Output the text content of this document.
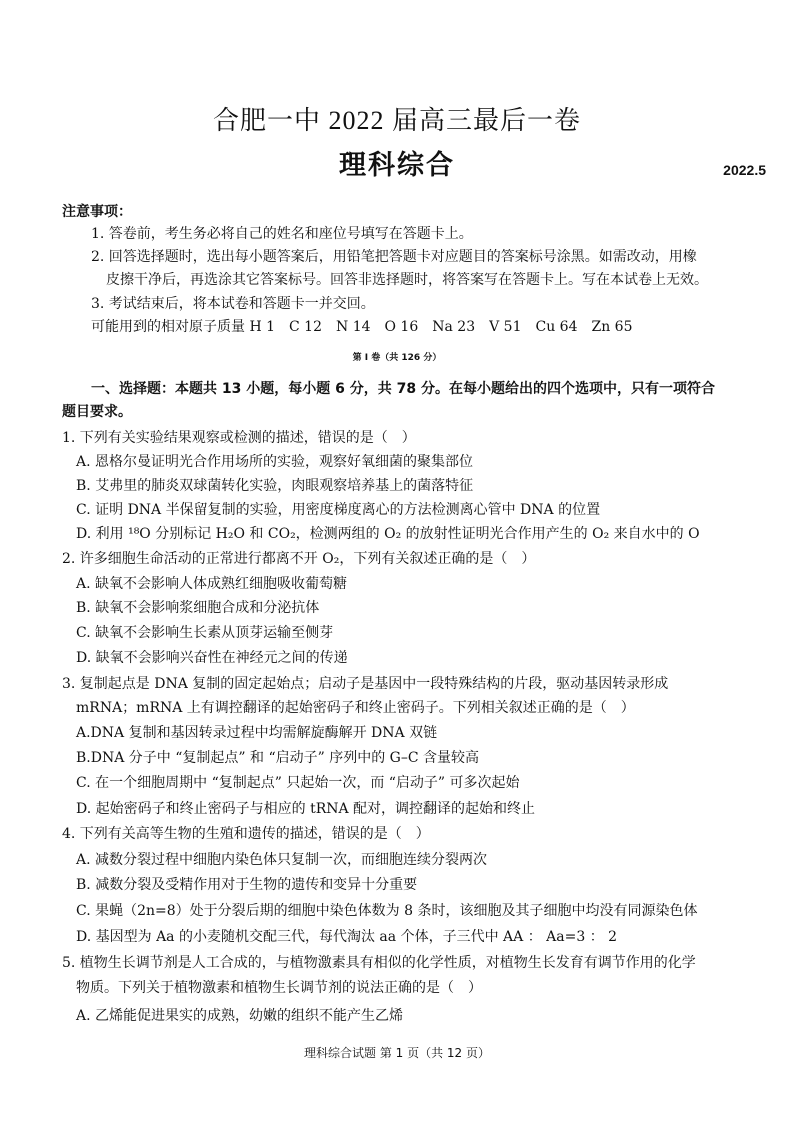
合肥一中 2022 届高三最后一卷
理科综合	2022.5
注意事项：
1. 答卷前，考生务必将自己的姓名和座位号填写在答题卡上。
2. 回答选择题时，选出每小题答案后，用铅笔把答题卡对应题目的答案标号涂黑。如需改动，用橡
皮擦干净后，再选涂其它答案标号。回答非选择题时，将答案写在答题卡上。写在本试卷上无效。
3. 考试结束后，将本试卷和答题卡一并交回。
可能用到的相对原子质量 H 1　C 12　N 14　O 16　Na 23　V 51　Cu 64　Zn 65
第 I 卷（共 126 分）
一、选择题：本题共 13 小题，每小题 6 分，共 78 分。在每小题给出的四个选项中，只有一项符合
题目要求。
1. 下列有关实验结果观察或检测的描述，错误的是（　）
A. 恩格尔曼证明光合作用场所的实验，观察好氧细菌的聚集部位
B. 艾弗里的肺炎双球菌转化实验，肉眼观察培养基上的菌落特征
C. 证明 DNA 半保留复制的实验，用密度梯度离心的方法检测离心管中 DNA 的位置
D. 利用 ¹⁸O 分别标记 H₂O 和 CO₂，检测两组的 O₂ 的放射性证明光合作用产生的 O₂ 来自水中的 O
2. 许多细胞生命活动的正常进行都离不开 O₂，下列有关叙述正确的是（　）
A. 缺氧不会影响人体成熟红细胞吸收葡萄糖
B. 缺氧不会影响浆细胞合成和分泌抗体
C. 缺氧不会影响生长素从顶芽运输至侧芽
D. 缺氧不会影响兴奋性在神经元之间的传递
3. 复制起点是 DNA 复制的固定起始点；启动子是基因中一段特殊结构的片段，驱动基因转录形成
mRNA；mRNA 上有调控翻译的起始密码子和终止密码子。下列相关叙述正确的是（　）
A.DNA 复制和基因转录过程中均需解旋酶解开 DNA 双链
B.DNA 分子中 “复制起点” 和 “启动子” 序列中的 G–C 含量较高
C. 在一个细胞周期中 “复制起点” 只起始一次，而 “启动子” 可多次起始
D. 起始密码子和终止密码子与相应的 tRNA 配对，调控翻译的起始和终止
4. 下列有关高等生物的生殖和遗传的描述，错误的是（　）
A. 减数分裂过程中细胞内染色体只复制一次，而细胞连续分裂两次
B. 减数分裂及受精作用对于生物的遗传和变异十分重要
C. 果蝇（2n=8）处于分裂后期的细胞中染色体数为 8 条时，该细胞及其子细胞中均没有同源染色体
D. 基因型为 Aa 的小麦随机交配三代，每代淘汰 aa 个体，子三代中 AA ： Aa=3 ： 2
5. 植物生长调节剂是人工合成的，与植物激素具有相似的化学性质，对植物生长发育有调节作用的化学
物质。下列关于植物激素和植物生长调节剂的说法正确的是（　）
A. 乙烯能促进果实的成熟，幼嫩的组织不能产生乙烯
理科综合试题 第 1 页（共 12 页）
